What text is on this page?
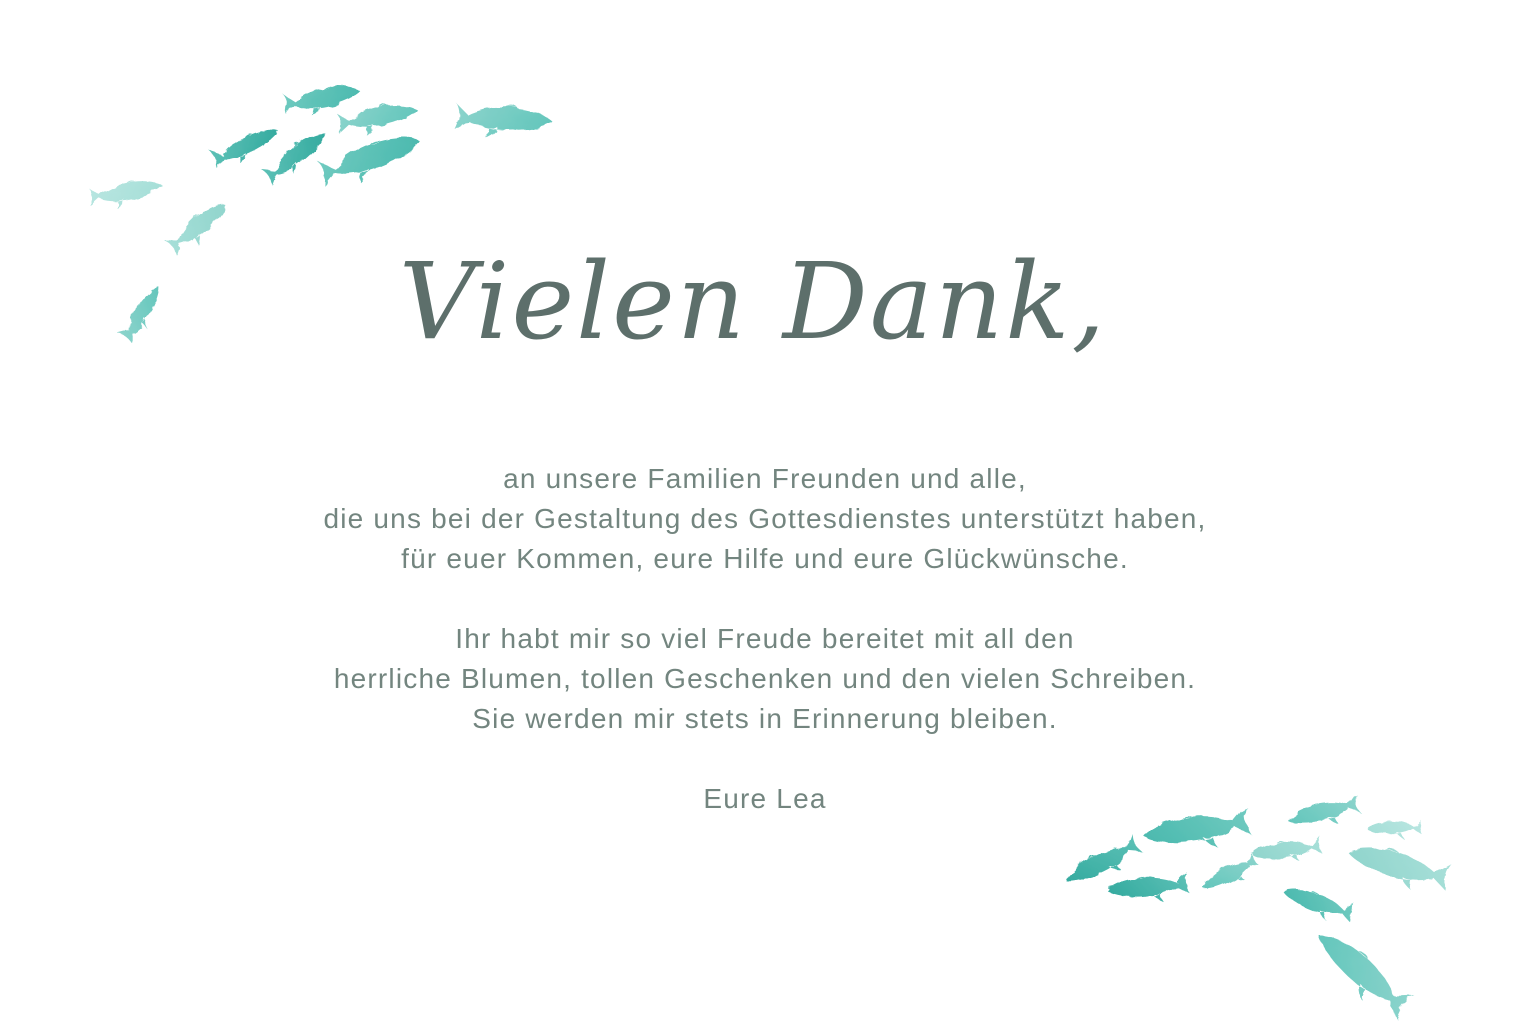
Vielen Dank,

an unsere Familien Freunden und alle,
die uns bei der Gestaltung des Gottesdienstes unterstützt haben,
für euer Kommen, eure Hilfe und eure Glückwünsche.

Ihr habt mir so viel Freude bereitet mit all den
herrliche Blumen, tollen Geschenken und den vielen Schreiben.
Sie werden mir stets in Erinnerung bleiben.

Eure Lea
